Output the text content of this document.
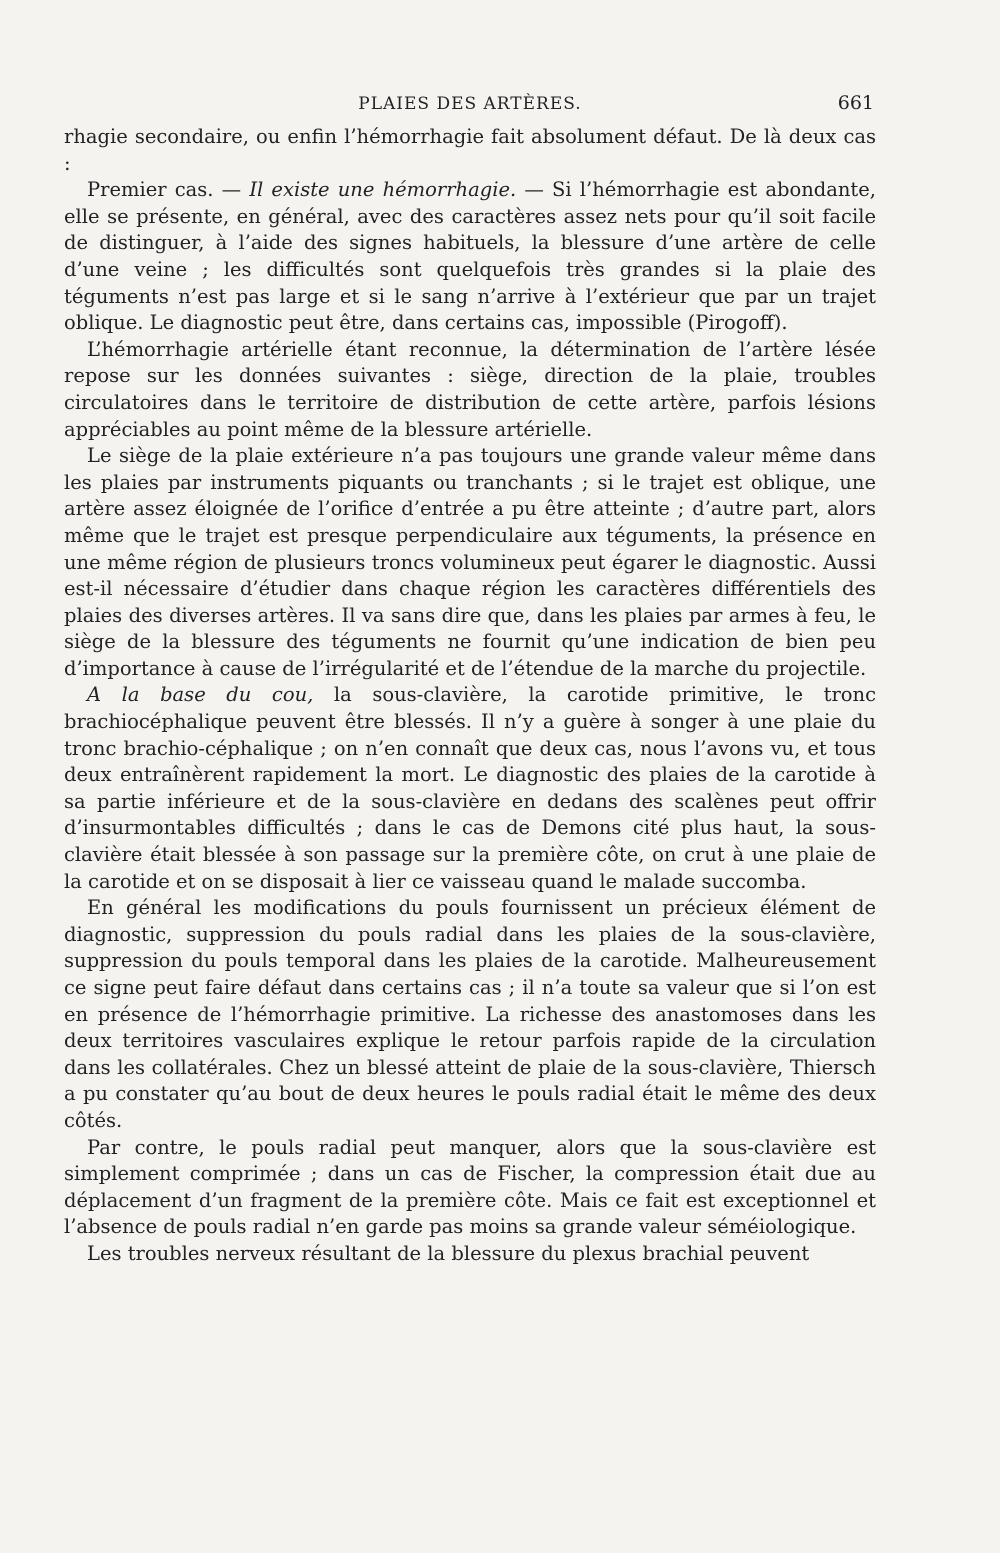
PLAIES DES ARTÈRES.	661

rhagie secondaire, ou enfin l’hémorrhagie fait absolument défaut. De là deux cas :

Premier cas. — Il existe une hémorrhagie. — Si l’hémorrhagie est abondante, elle se présente, en général, avec des caractères assez nets pour qu’il soit facile de distinguer, à l’aide des signes habituels, la blessure d’une artère de celle d’une veine ; les difficultés sont quelquefois très grandes si la plaie des téguments n’est pas large et si le sang n’arrive à l’extérieur que par un trajet oblique. Le diagnostic peut être, dans certains cas, impossible (Pirogoff).

L’hémorrhagie artérielle étant reconnue, la détermination de l’artère lésée repose sur les données suivantes : siège, direction de la plaie, troubles circulatoires dans le territoire de distribution de cette artère, parfois lésions appréciables au point même de la blessure artérielle.

Le siège de la plaie extérieure n’a pas toujours une grande valeur même dans les plaies par instruments piquants ou tranchants ; si le trajet est oblique, une artère assez éloignée de l’orifice d’entrée a pu être atteinte ; d’autre part, alors même que le trajet est presque perpendiculaire aux téguments, la présence en une même région de plusieurs troncs volumineux peut égarer le diagnostic. Aussi est-il nécessaire d’étudier dans chaque région les caractères différentiels des plaies des diverses artères. Il va sans dire que, dans les plaies par armes à feu, le siège de la blessure des téguments ne fournit qu’une indication de bien peu d’importance à cause de l’irrégularité et de l’étendue de la marche du projectile.

A la base du cou, la sous-clavière, la carotide primitive, le tronc brachiocéphalique peuvent être blessés. Il n’y a guère à songer à une plaie du tronc brachio-céphalique ; on n’en connaît que deux cas, nous l’avons vu, et tous deux entraînèrent rapidement la mort. Le diagnostic des plaies de la carotide à sa partie inférieure et de la sous-clavière en dedans des scalènes peut offrir d’insurmontables difficultés ; dans le cas de Demons cité plus haut, la sous-clavière était blessée à son passage sur la première côte, on crut à une plaie de la carotide et on se disposait à lier ce vaisseau quand le malade succomba.

En général les modifications du pouls fournissent un précieux élément de diagnostic, suppression du pouls radial dans les plaies de la sous-clavière, suppression du pouls temporal dans les plaies de la carotide. Malheureusement ce signe peut faire défaut dans certains cas ; il n’a toute sa valeur que si l’on est en présence de l’hémorrhagie primitive. La richesse des anastomoses dans les deux territoires vasculaires explique le retour parfois rapide de la circulation dans les collatérales. Chez un blessé atteint de plaie de la sous-clavière, Thiersch a pu constater qu’au bout de deux heures le pouls radial était le même des deux côtés.

Par contre, le pouls radial peut manquer, alors que la sous-clavière est simplement comprimée ; dans un cas de Fischer, la compression était due au déplacement d’un fragment de la première côte. Mais ce fait est exceptionnel et l’absence de pouls radial n’en garde pas moins sa grande valeur séméiologique.

Les troubles nerveux résultant de la blessure du plexus brachial peuvent
